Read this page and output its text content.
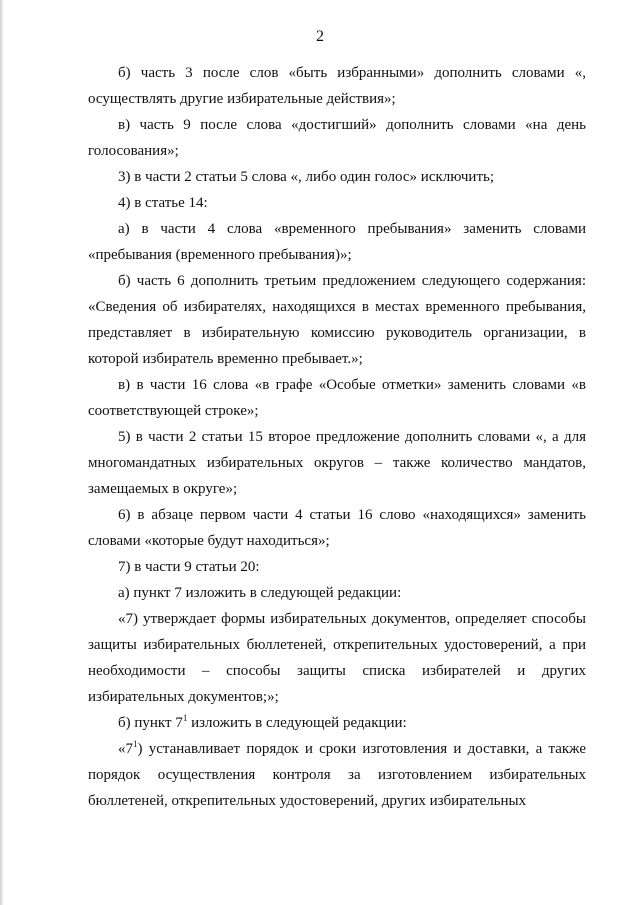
2

б) часть 3 после слов «быть избранными» дополнить словами «, осуществлять другие избирательные действия»;

в) часть 9 после слова «достигший» дополнить словами «на день голосования»;

3) в части 2 статьи 5 слова «, либо один голос» исключить;

4) в статье 14:

а) в части 4 слова «временного пребывания» заменить словами «пребывания (временного пребывания)»;

б) часть 6 дополнить третьим предложением следующего содержания: «Сведения об избирателях, находящихся в местах временного пребывания, представляет в избирательную комиссию руководитель организации, в которой избиратель временно пребывает.»;

в) в части 16 слова «в графе «Особые отметки» заменить словами «в соответствующей строке»;

5) в части 2 статьи 15 второе предложение дополнить словами «, а для многомандатных избирательных округов – также количество мандатов, замещаемых в округе»;

6) в абзаце первом части 4 статьи 16 слово «находящихся» заменить словами «которые будут находиться»;

7) в части 9 статьи 20:

а) пункт 7 изложить в следующей редакции:

«7) утверждает формы избирательных документов, определяет способы защиты избирательных бюллетеней, открепительных удостоверений, а при необходимости – способы защиты списка избирателей и других избирательных документов;»;

б) пункт $7^1$ изложить в следующей редакции:

«$7^1$) устанавливает порядок и сроки изготовления и доставки, а также порядок осуществления контроля за изготовлением избирательных бюллетеней, открепительных удостоверений, других избирательных
